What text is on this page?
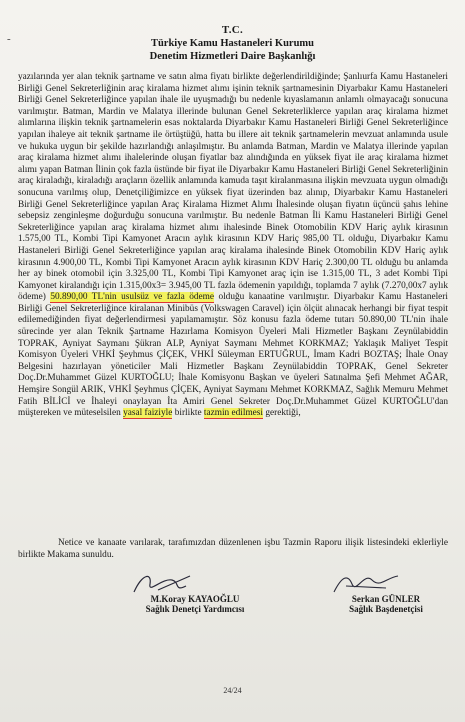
-
T.C.
Türkiye Kamu Hastaneleri Kurumu
Denetim Hizmetleri Daire Başkanlığı

yazılarında yer alan teknik şartname ve satın alma fiyatı birlikte değerlendirildiğinde; Şanlıurfa Kamu Hastaneleri Birliği Genel Sekreterliğinin araç kiralama hizmet alımı işinin teknik şartnamesinin Diyarbakır Kamu Hastaneleri Birliği Genel Sekreterliğince yapılan ihale ile uyuşmadığı bu nedenle kıyaslamanın anlamlı olmayacağı sonucuna varılmıştır. Batman, Mardin ve Malatya illerinde bulunan Genel Sekreterliklerce yapılan araç kiralama hizmet alımlarına ilişkin teknik şartnamelerin esas noktalarda Diyarbakır Kamu Hastaneleri Birliği Genel Sekreterliğince yapılan ihaleye ait teknik şartname ile örtüştüğü, hatta bu illere ait teknik şartnamelerin mevzuat anlamında usule ve hukuka uygun bir şekilde hazırlandığı anlaşılmıştır. Bu anlamda Batman, Mardin ve Malatya illerinde yapılan araç kiralama hizmet alımı ihalelerinde oluşan fiyatlar baz alındığında en yüksek fiyat ile araç kiralama hizmet alımı yapan Batman İlinin çok fazla üstünde bir fiyat ile Diyarbakır Kamu Hastaneleri Birliği Genel Sekreterliğinin araç kiraladığı, kiraladığı araçların özellik anlamında kamuda taşıt kiralanmasına ilişkin mevzuata uygun olmadığı sonucuna varılmış olup, Denetçiliğimizce en yüksek fiyat üzerinden baz alınıp, Diyarbakır Kamu Hastaneleri Birliği Genel Sekreterliğince yapılan Araç Kiralama Hizmet Alımı İhalesinde oluşan fiyatın üçüncü şahıs lehine sebepsiz zenginleşme doğurduğu sonucuna varılmıştır. Bu nedenle Batman İli Kamu Hastaneleri Birliği Genel Sekreterliğince yapılan araç kiralama hizmet alımı ihalesinde Binek Otomobilin KDV Hariç aylık kirasının 1.575,00 TL, Kombi Tipi Kamyonet Aracın aylık kirasının KDV Hariç 985,00 TL olduğu, Diyarbakır Kamu Hastaneleri Birliği Genel Sekreterliğince yapılan araç kiralama ihalesinde Binek Otomobilin KDV Hariç aylık kirasının 4.900,00 TL, Kombi Tipi Kamyonet Aracın aylık kirasının KDV Hariç 2.300,00 TL olduğu bu anlamda her ay binek otomobil için 3.325,00 TL, Kombi Tipi Kamyonet araç için ise 1.315,00 TL, 3 adet Kombi Tipi Kamyonet kiralandığı için 1.315,00x3= 3.945,00 TL fazla ödemenin yapıldığı, toplamda 7 aylık (7.270,00x7 aylık ödeme) 50.890,00 TL'nin usulsüz ve fazla ödeme olduğu kanaatine varılmıştır. Diyarbakır Kamu Hastaneleri Birliği Genel Sekreterliğince kiralanan Minibüs (Volkswagen Caravel) için ölçüt alınacak herhangi bir fiyat tespit edilemediğinden fiyat değerlendirmesi yapılamamıştır. Söz konusu fazla ödeme tutarı 50.890,00 TL'nin ihale sürecinde yer alan Teknik Şartname Hazırlama Komisyon Üyeleri Mali Hizmetler Başkanı Zeynülabiddin TOPRAK, Ayniyat Saymanı Şükran ALP, Ayniyat Saymanı Mehmet KORKMAZ; Yaklaşık Maliyet Tespit Komisyon Üyeleri VHKİ Şeyhmus ÇİÇEK, VHKİ Süleyman ERTUĞRUL, İmam Kadri BOZTAŞ; İhale Onay Belgesini hazırlayan yöneticiler Mali Hizmetler Başkanı Zeynülabiddin TOPRAK, Genel Sekreter Doç.Dr.Muhammet Güzel KURTOĞLU; İhale Komisyonu Başkan ve üyeleri Satınalma Şefi Mehmet AĞAR, Hemşire Songül ARIK, VHKİ Şeyhmus ÇİÇEK, Ayniyat Saymanı Mehmet KORKMAZ, Sağlık Memuru Mehmet Fatih BİLİCİ ve İhaleyi onaylayan İta Amiri Genel Sekreter Doç.Dr.Muhammet Güzel KURTOĞLU'dan müştereken ve müteselsilen yasal faiziyle birlikte tazmin edilmesi gerektiği,

Netice ve kanaate varılarak, tarafımızdan düzenlenen işbu Tazmin Raporu ilişik listesindeki eklerliyle birlikte Makama sunuldu.

M.Koray KAYAOĞLU
Sağlık Denetçi Yardımcısı
Serkan GÜNLER
Sağlık Başdenetçisi
24/24
